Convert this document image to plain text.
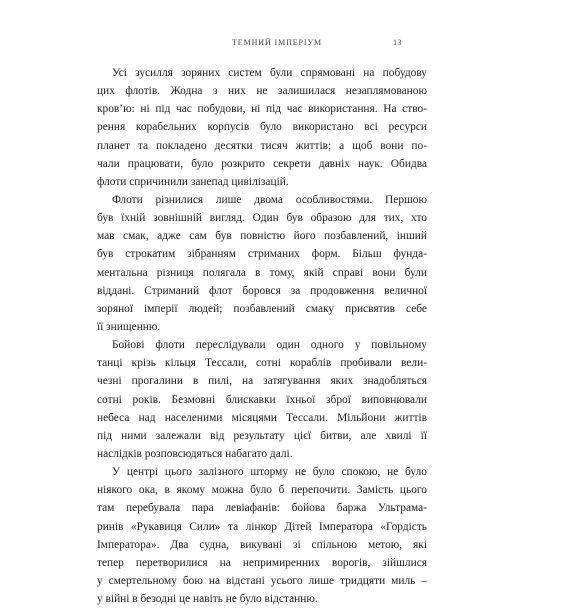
ТЕМНИЙ ІМПЕРІУМ	13

Усі зусилля зоряних систем були спрямовані на побудову
цих флотів. Жодна з них не залишилася незаплямованою
кров’ю: ні під час побудови, ні під час використання. На ство-
рення корабельних корпусів було використано всі ресурси
планет та покладено десятки тисяч життів; а щоб вони по-
чали працювати, було розкрито секрети давніх наук. Обидва
флоти спричинили занепад цивілізацій.

Флоти різнилися лише двома особливостями. Першою
був їхній зовнішній вигляд. Один був образою для тих, хто
мав смак, адже сам був повністю його позбавлений, інший
був строкатим зібранням стриманих форм. Більш фунда-
ментальна різниця полягала в тому, якій справі вони були
віддані. Стриманий флот боровся за продовження величної
зоряної імперії людей; позбавлений смаку присвятив себе
її знищенню.

Бойові флоти переслідували один одного у повільному
танці крізь кільця Тессали, сотні кораблів пробивали вели-
чезні прогалини в пилі, на затягування яких знадобляться
сотні років. Безмовні блискавки їхньої зброї виповнювали
небеса над населеними місяцями Тессали. Мільйони життів
під ними залежали від результату цієї битви, але хвилі її
наслідків розповсюдяться набагато далі.

У центрі цього залізного шторму не було спокою, не було
ніякого ока, в якому можна було б перепочити. Замість цього
там перебувала пара левіафанів: бойова баржа Ультрама-
ринів «Рукавиця Сили» та лінкор Дітей Імператора «Гордість
Імператора». Два судна, викувані зі спільною метою, які
тепер перетворилися на непримиренних ворогів, зійшлися
у смертельному бою на відстані усього лише тридцяти миль –
у війні в безодні це навіть не було відстанню.
